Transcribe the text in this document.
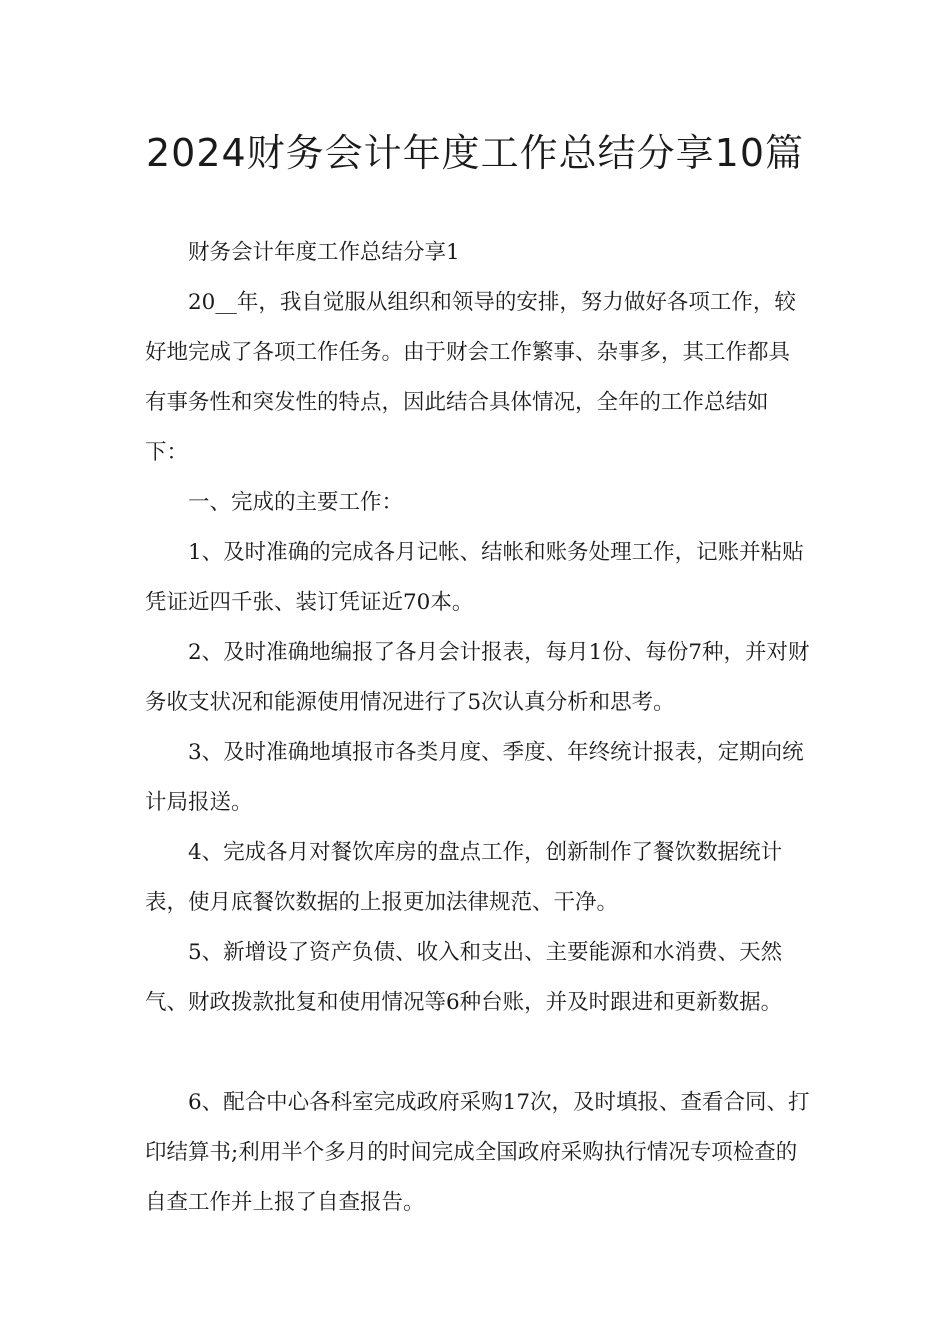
2024财务会计年度工作总结分享10篇

财务会计年度工作总结分享1

20__年，我自觉服从组织和领导的安排，努力做好各项工作，较好地完成了各项工作任务。由于财会工作繁事、杂事多，其工作都具有事务性和突发性的特点，因此结合具体情况，全年的工作总结如下：

一、完成的主要工作：

1、及时准确的完成各月记帐、结帐和账务处理工作，记账并粘贴凭证近四千张、装订凭证近70本。

2、及时准确地编报了各月会计报表，每月1份、每份7种，并对财务收支状况和能源使用情况进行了5次认真分析和思考。

3、及时准确地填报市各类月度、季度、年终统计报表，定期向统计局报送。

4、完成各月对餐饮库房的盘点工作，创新制作了餐饮数据统计表，使月底餐饮数据的上报更加法律规范、干净。

5、新增设了资产负债、收入和支出、主要能源和水消费、天然气、财政拨款批复和使用情况等6种台账，并及时跟进和更新数据。

6、配合中心各科室完成政府采购17次，及时填报、查看合同、打印结算书;利用半个多月的时间完成全国政府采购执行情况专项检查的自查工作并上报了自查报告。
